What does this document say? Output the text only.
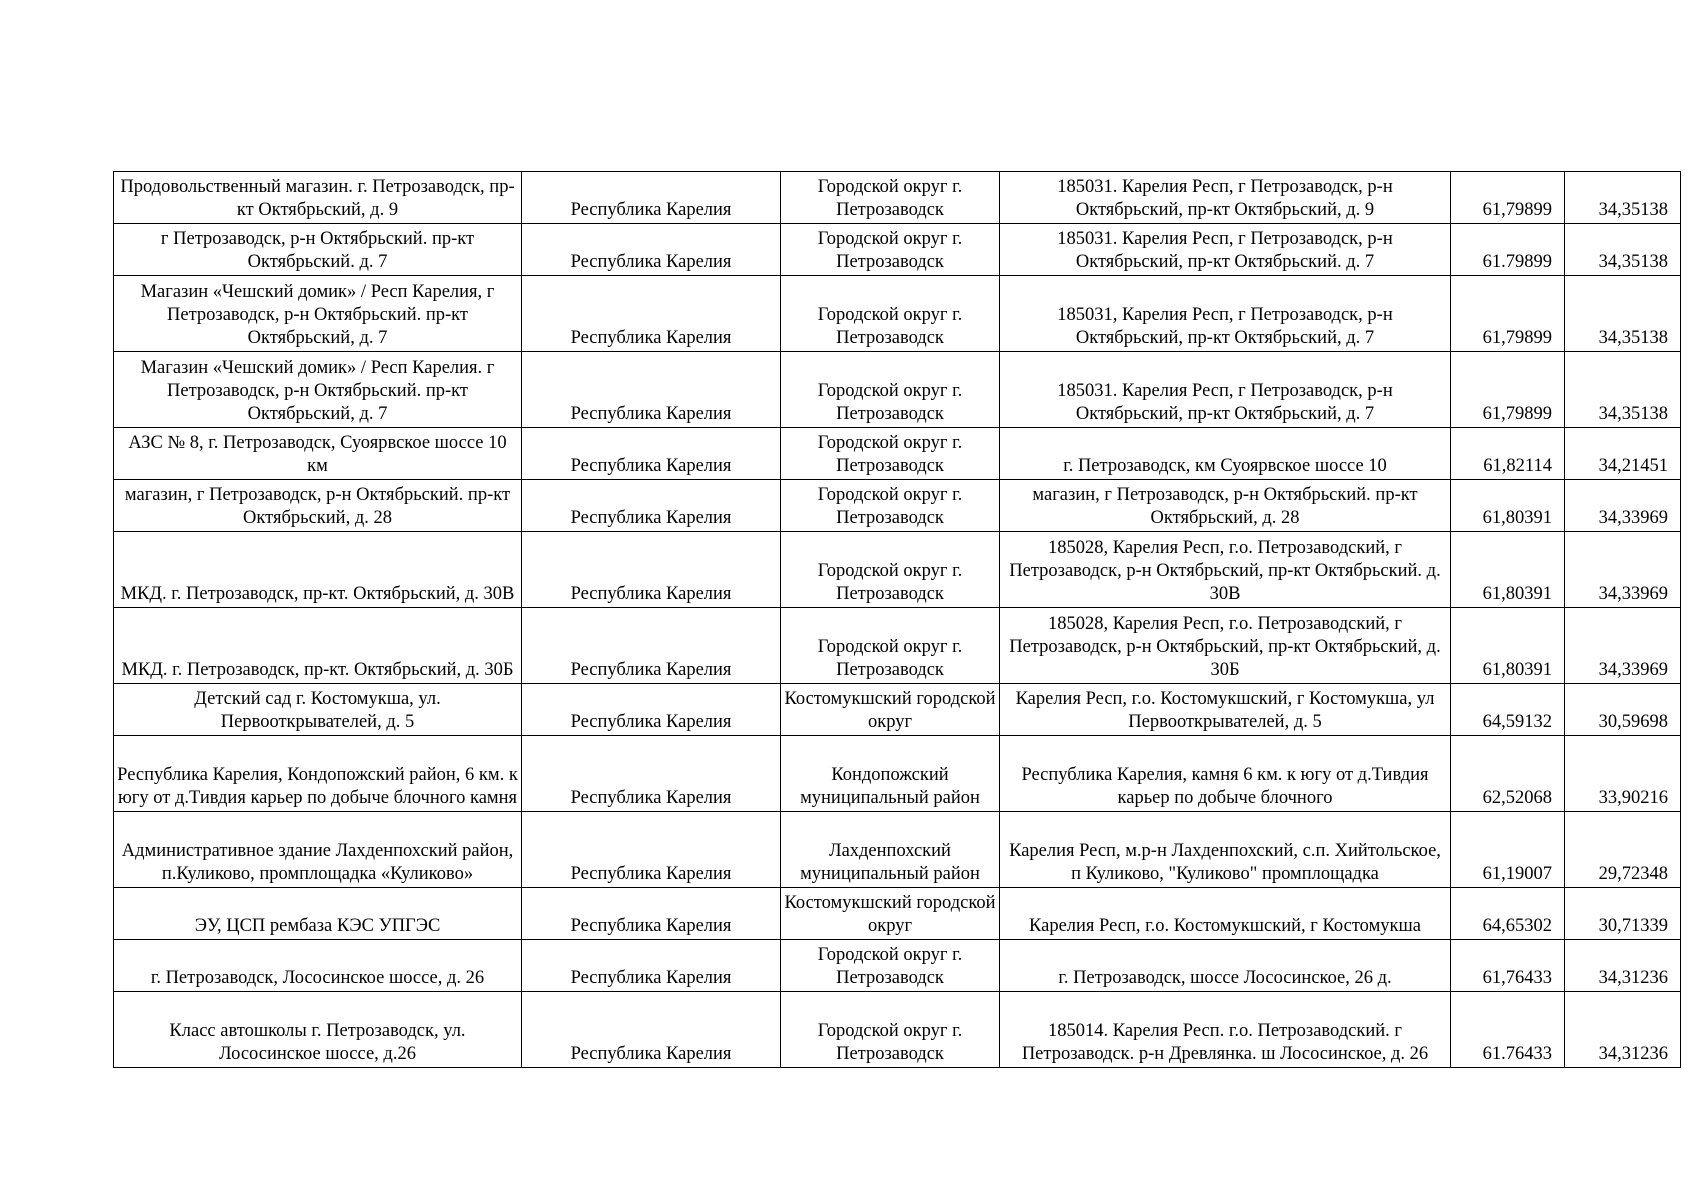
Продовольственный магазин. г. Петрозаводск, пр-кт Октябрьский, д. 9	Республика Карелия	Городской округ г. Петрозаводск	185031. Карелия Респ, г Петрозаводск, р-н Октябрьский, пр-кт Октябрьский, д. 9	61,79899	34,35138
г Петрозаводск, р-н Октябрьский. пр-кт Октябрьский. д. 7	Республика Карелия	Городской округ г. Петрозаводск	185031. Карелия Респ, г Петрозаводск, р-н Октябрьский, пр-кт Октябрьский. д. 7	61.79899	34,35138
Магазин «Чешский домик» / Респ Карелия, г Петрозаводск, р-н Октябрьский. пр-кт Октябрьский, д. 7	Республика Карелия	Городской округ г. Петрозаводск	185031, Карелия Респ, г Петрозаводск, р-н Октябрьский, пр-кт Октябрьский, д. 7	61,79899	34,35138
Магазин «Чешский домик» / Респ Карелия. г Петрозаводск, р-н Октябрьский. пр-кт Октябрьский, д. 7	Республика Карелия	Городской округ г. Петрозаводск	185031. Карелия Респ, г Петрозаводск, р-н Октябрьский, пр-кт Октябрьский, д. 7	61,79899	34,35138
АЗС № 8, г. Петрозаводск, Суоярвское шоссе 10 км	Республика Карелия	Городской округ г. Петрозаводск	г. Петрозаводск, км Суоярвское шоссе 10	61,82114	34,21451
магазин, г Петрозаводск, р-н Октябрьский. пр-кт Октябрьский, д. 28	Республика Карелия	Городской округ г. Петрозаводск	магазин, г Петрозаводск, р-н Октябрьский. пр-кт Октябрьский, д. 28	61,80391	34,33969
МКД. г. Петрозаводск, пр-кт. Октябрьский, д. 30В	Республика Карелия	Городской округ г. Петрозаводск	185028, Карелия Респ, г.о. Петрозаводский, г Петрозаводск, р-н Октябрьский, пр-кт Октябрьский. д. 30В	61,80391	34,33969
МКД. г. Петрозаводск, пр-кт. Октябрьский, д. 30Б	Республика Карелия	Городской округ г. Петрозаводск	185028, Карелия Респ, г.о. Петрозаводский, г Петрозаводск, р-н Октябрьский, пр-кт Октябрьский, д. 30Б	61,80391	34,33969
Детский сад г. Костомукша, ул. Первооткрывателей, д. 5	Республика Карелия	Костомукшский городской округ	Карелия Респ, г.о. Костомукшский, г Костомукша, ул Первооткрывателей, д. 5	64,59132	30,59698
Республика Карелия, Кондопожский район, 6 км. к югу от д.Тивдия карьер по добыче блочного камня	Республика Карелия	Кондопожский муниципальный район	Республика Карелия, камня 6 км. к югу от д.Тивдия карьер по добыче блочного	62,52068	33,90216
Административное здание Лахденпохский район, п.Куликово, промплощадка «Куликово»	Республика Карелия	Лахденпохский муниципальный район	Карелия Респ, м.р-н Лахденпохский, с.п. Хийтольское, п Куликово, "Куликово" промплощадка	61,19007	29,72348
ЭУ, ЦСП рембаза КЭС УПГЭС	Республика Карелия	Костомукшский городской округ	Карелия Респ, г.о. Костомукшский, г Костомукша	64,65302	30,71339
г. Петрозаводск, Лососинское шоссе, д. 26	Республика Карелия	Городской округ г. Петрозаводск	г. Петрозаводск, шоссе Лососинское, 26 д.	61,76433	34,31236
Класс автошколы г. Петрозаводск, ул. Лососинское шоссе, д.26	Республика Карелия	Городской округ г. Петрозаводск	185014. Карелия Респ. г.о. Петрозаводский. г Петрозаводск. р-н Древлянка. ш Лососинское, д. 26	61.76433	34,31236
